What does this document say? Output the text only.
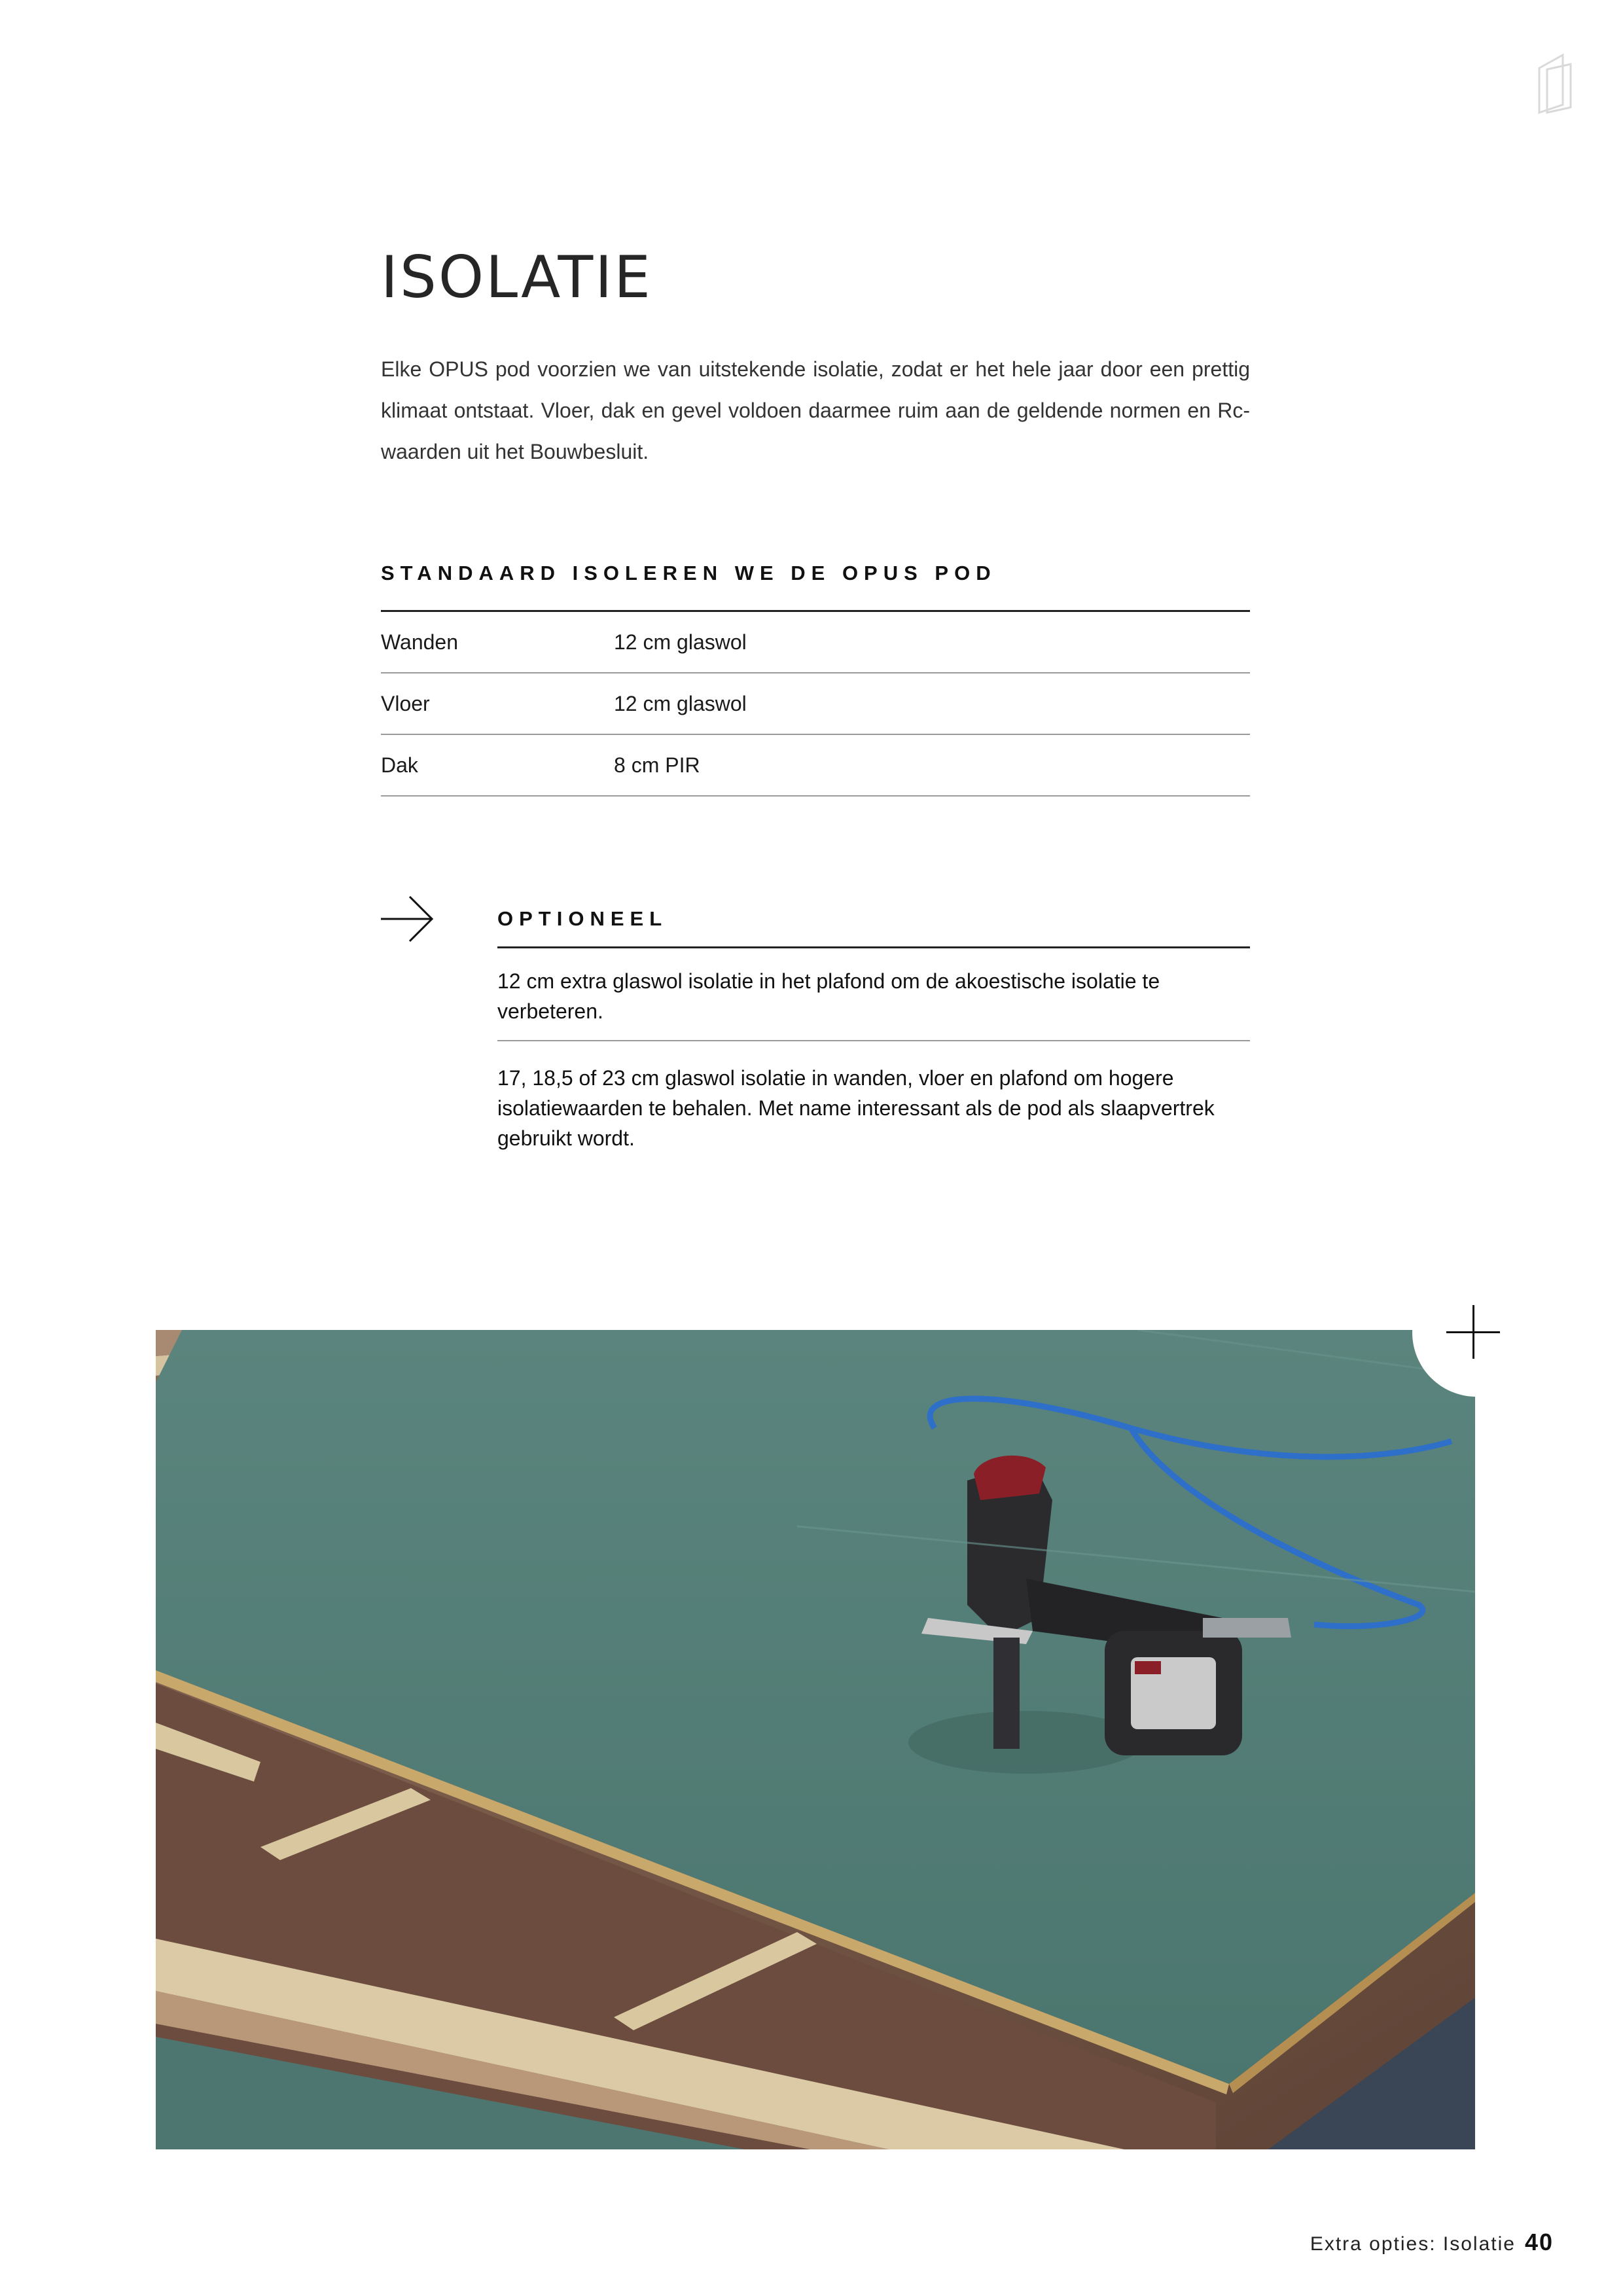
ISOLATIE

Elke OPUS pod voorzien we van uitstekende isolatie, zodat er het hele jaar door een prettig klimaat ontstaat. Vloer, dak en gevel voldoen daarmee ruim aan de geldende normen en Rc-waarden uit het Bouwbesluit.

STANDAARD ISOLEREN WE DE OPUS POD
Wanden	12 cm glaswol
Vloer	12 cm glaswol
Dak	8 cm PIR
OPTIONEEL

12 cm extra glaswol isolatie in het plafond om de akoestische isolatie te verbeteren.

17, 18,5 of 23 cm glaswol isolatie in wanden, vloer en plafond om hogere isolatiewaarden te behalen. Met name interessant als de pod als slaapvertrek gebruikt wordt.

Extra opties: Isolatie 40
